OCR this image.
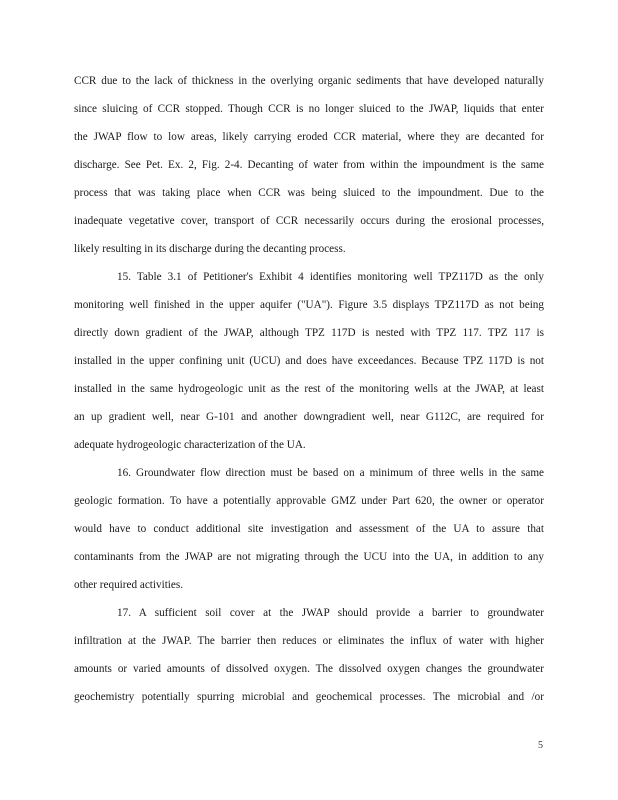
CCR due to the lack of thickness in the overlying organic sediments that have developed naturally
since sluicing of CCR stopped. Though CCR is no longer sluiced to the JWAP, liquids that enter
the JWAP flow to low areas, likely carrying eroded CCR material, where they are decanted for
discharge. See Pet. Ex. 2, Fig. 2-4. Decanting of water from within the impoundment is the same
process that was taking place when CCR was being sluiced to the impoundment. Due to the
inadequate vegetative cover, transport of CCR necessarily occurs during the erosional processes,
likely resulting in its discharge during the decanting process.
15. Table 3.1 of Petitioner's Exhibit 4 identifies monitoring well TPZ117D as the only
monitoring well finished in the upper aquifer ("UA"). Figure 3.5 displays TPZ117D as not being
directly down gradient of the JWAP, although TPZ 117D is nested with TPZ 117. TPZ 117 is
installed in the upper confining unit (UCU) and does have exceedances. Because TPZ 117D is not
installed in the same hydrogeologic unit as the rest of the monitoring wells at the JWAP, at least
an up gradient well, near G-101 and another downgradient well, near G112C, are required for
adequate hydrogeologic characterization of the UA.
16. Groundwater flow direction must be based on a minimum of three wells in the same
geologic formation. To have a potentially approvable GMZ under Part 620, the owner or operator
would have to conduct additional site investigation and assessment of the UA to assure that
contaminants from the JWAP are not migrating through the UCU into the UA, in addition to any
other required activities.
17. A sufficient soil cover at the JWAP should provide a barrier to groundwater
infiltration at the JWAP. The barrier then reduces or eliminates the influx of water with higher
amounts or varied amounts of dissolved oxygen. The dissolved oxygen changes the groundwater
geochemistry potentially spurring microbial and geochemical processes. The microbial and /or
5
